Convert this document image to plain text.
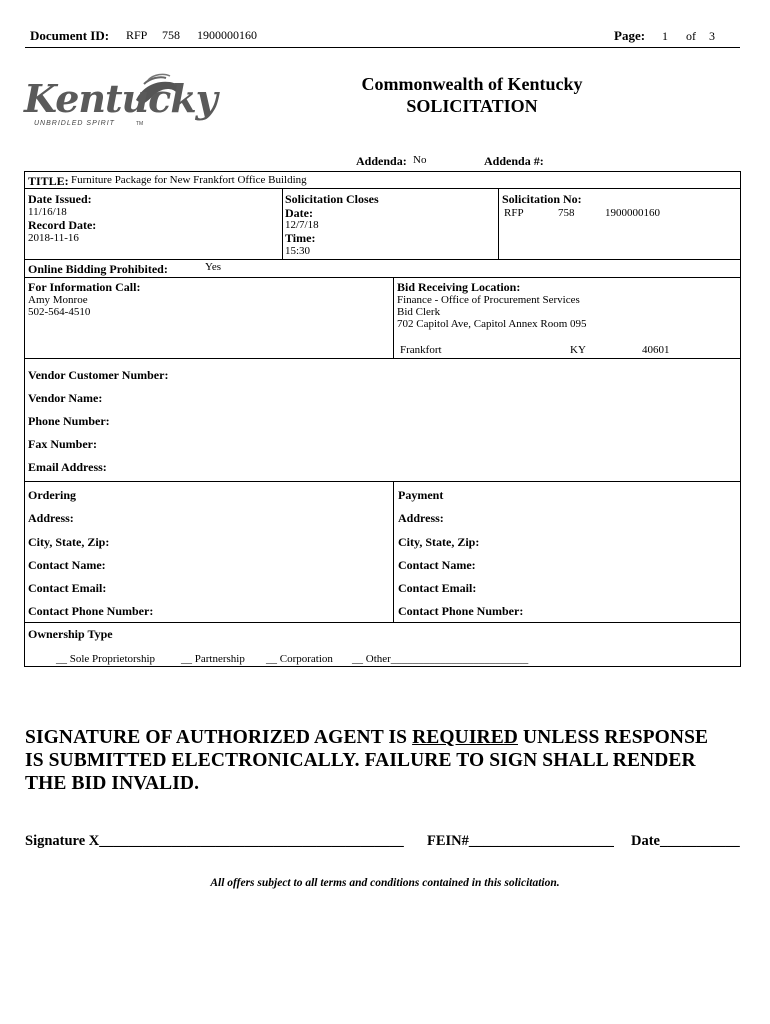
Document ID: RFP 758 1900000160	Page: 1 of 3
Kentucky
UNBRIDLED SPIRIT	TM
Commonwealth of Kentucky
SOLICITATION
Addenda: No	Addenda #:
TITLE: Furniture Package for New Frankfort Office Building
Date Issued:
11/16/18
Record Date:
2018-11-16
Solicitation Closes
Date:
12/7/18
Time:
15:30
Solicitation No:
RFP	758	1900000160
Online Bidding Prohibited:	Yes
For Information Call:
Amy Monroe
502-564-4510
Bid Receiving Location:
Finance - Office of Procurement Services
Bid Clerk
702 Capitol Ave, Capitol Annex Room 095
Frankfort	KY	40601
Vendor Customer Number:
Vendor Name:
Phone Number:
Fax Number:
Email Address:
Ordering
Address:
City, State, Zip:
Contact Name:
Contact Email:
Contact Phone Number:
Payment
Address:
City, State, Zip:
Contact Name:
Contact Email:
Contact Phone Number:
Ownership Type
__ Sole Proprietorship __ Partnership __ Corporation __ Other_________________________
SIGNATURE OF AUTHORIZED AGENT IS REQUIRED UNLESS RESPONSE
IS SUBMITTED ELECTRONICALLY. FAILURE TO SIGN SHALL RENDER
THE BID INVALID.
Signature X__________________________________________ FEIN#____________________ Date___________
All offers subject to all terms and conditions contained in this solicitation.
